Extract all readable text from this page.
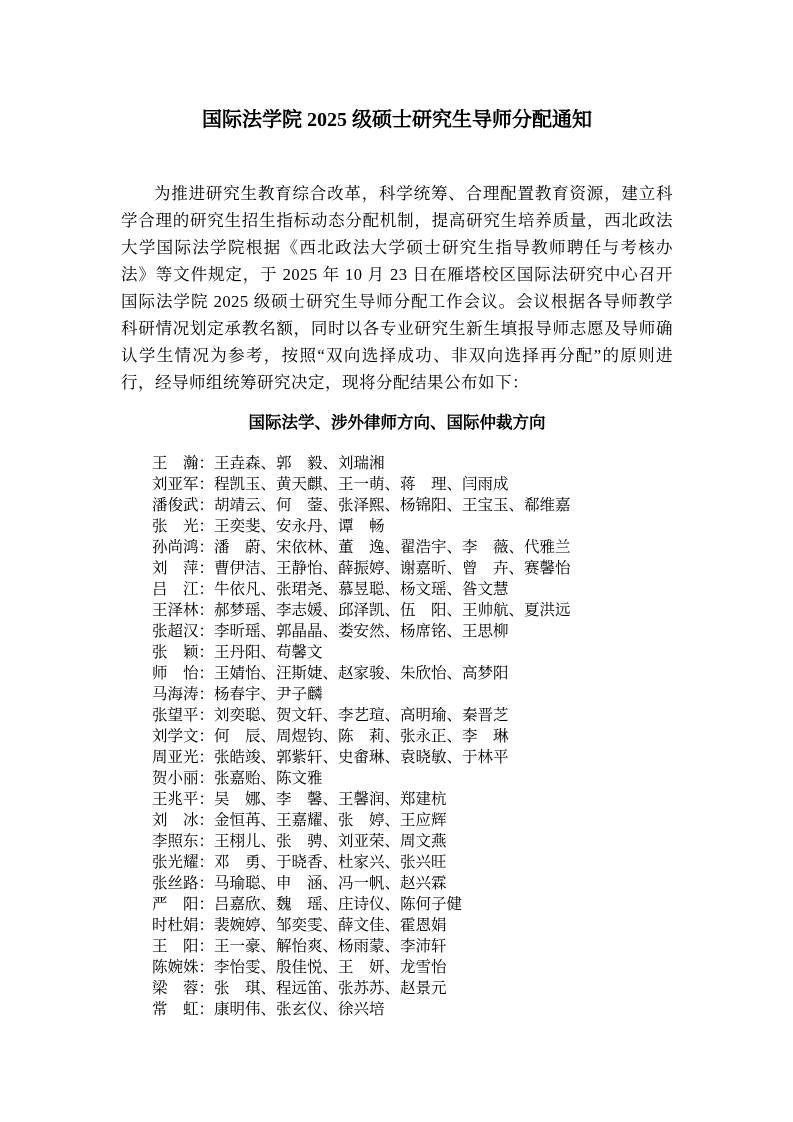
国际法学院 2025 级硕士研究生导师分配通知

为推进研究生教育综合改革，科学统筹、合理配置教育资源，建立科学合理的研究生招生指标动态分配机制，提高研究生培养质量，西北政法大学国际法学院根据《西北政法大学硕士研究生指导教师聘任与考核办法》等文件规定，于 2025 年 10 月 23 日在雁塔校区国际法研究中心召开国际法学院 2025 级硕士研究生导师分配工作会议。会议根据各导师教学科研情况划定承教名额，同时以各专业研究生新生填报导师志愿及导师确认学生情况为参考，按照“双向选择成功、非双向选择再分配”的原则进行，经导师组统筹研究决定，现将分配结果公布如下：

国际法学、涉外律师方向、国际仲裁方向
王　瀚：王垚森、郭　毅、刘瑞湘
刘亚军：程凯玉、黄天麒、王一萌、蒋　理、闫雨成
潘俊武：胡靖云、何　蓥、张泽熙、杨锦阳、王宝玉、郗维嘉
张　光：王奕斐、安永丹、谭　畅
孙尚鸿：潘　蔚、宋依林、董　逸、翟浩宇、李　薇、代雅兰
刘　萍：曹伊洁、王静怡、薛振婷、谢嘉昕、曾　卉、赛馨怡
吕　江：牛依凡、张珺尧、慕昱聪、杨文瑶、昝文慧
王泽林：郝梦瑶、李志媛、邱泽凯、伍　阳、王帅航、夏洪远
张超汉：李昕瑶、郭晶晶、娄安然、杨席铭、王思柳
张　颖：王丹阳、苟馨文
师　怡：王婧怡、汪斯婕、赵家骏、朱欣怡、高梦阳
马海涛：杨春宇、尹子麟
张望平：刘奕聪、贺文轩、李艺瑄、高明瑜、秦晋芝
刘学文：何　辰、周煜钧、陈　莉、张永正、李　琳
周亚光：张皓竣、郭紫轩、史畬琳、袁晓敏、于林平
贺小丽：张嘉贻、陈文雅
王兆平：吴　娜、李　馨、王馨润、郑建杭
刘　冰：金恒苒、王嘉耀、张　婷、王应辉
李照东：王栩儿、张　骋、刘亚荣、周文燕
张光耀：邓　勇、于晓香、杜家兴、张兴旺
张丝路：马瑜聪、申　涵、冯一帆、赵兴霖
严　阳：吕嘉欣、魏　瑶、庄诗仪、陈何子健
时杜娟：裴婉婷、邹奕雯、薛文佳、霍恩娟
王　阳：王一豪、解怡爽、杨雨蒙、李沛轩
陈婉姝：李怡雯、殷佳悦、王　妍、龙雪怡
梁　蓉：张　琪、程远笛、张苏苏、赵景元
常　虹：康明伟、张玄仪、徐兴培
